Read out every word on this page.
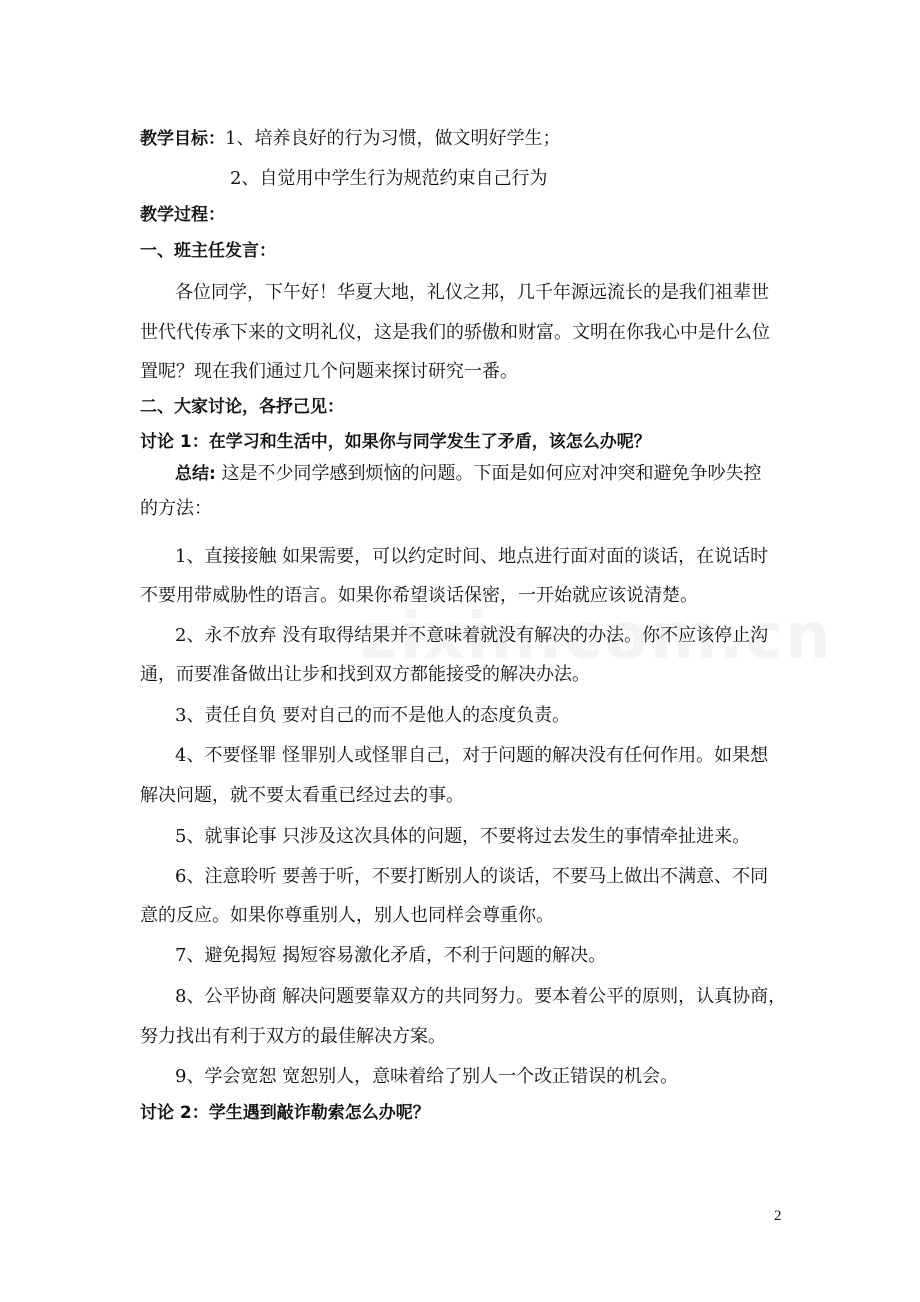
教学目标：1、培养良好的行为习惯，做文明好学生；
2、自觉用中学生行为规范约束自己行为
教学过程：
一、班主任发言：
各位同学，下午好！华夏大地，礼仪之邦，几千年源远流长的是我们祖辈世
世代代传承下来的文明礼仪，这是我们的骄傲和财富。文明在你我心中是什么位
置呢？现在我们通过几个问题来探讨研究一番。
二、大家讨论，各抒己见：
讨论 1：在学习和生活中，如果你与同学发生了矛盾，该怎么办呢？
总结: 这是不少同学感到烦恼的问题。下面是如何应对冲突和避免争吵失控
的方法：
1、直接接触 如果需要，可以约定时间、地点进行面对面的谈话，在说话时
不要用带威胁性的语言。如果你希望谈话保密，一开始就应该说清楚。
2、永不放弃 没有取得结果并不意味着就没有解决的办法。你不应该停止沟
通，而要准备做出让步和找到双方都能接受的解决办法。
3、责任自负 要对自己的而不是他人的态度负责。
4、不要怪罪 怪罪别人或怪罪自己，对于问题的解决没有任何作用。如果想
解决问题，就不要太看重已经过去的事。
5、就事论事 只涉及这次具体的问题，不要将过去发生的事情牵扯进来。
6、注意聆听 要善于听，不要打断别人的谈话，不要马上做出不满意、不同
意的反应。如果你尊重别人，别人也同样会尊重你。
7、避免揭短 揭短容易激化矛盾，不利于问题的解决。
8、公平协商 解决问题要靠双方的共同努力。要本着公平的原则，认真协商，
努力找出有利于双方的最佳解决方案。
9、学会宽恕 宽恕别人，意味着给了别人一个改正错误的机会。
讨论 2：学生遇到敲诈勒索怎么办呢？
2
